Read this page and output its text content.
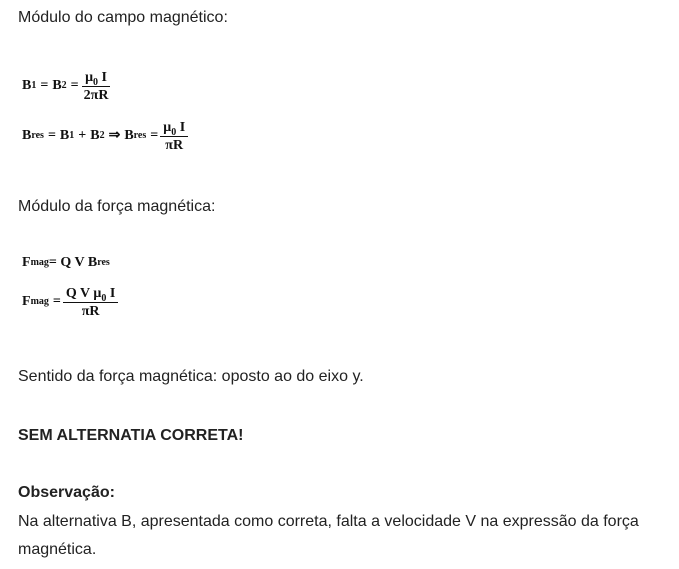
Módulo do campo magnético:
B 1 = B $2 = \frac{\mu_0 I}{2\pi R}$
B res = B 1 + B 2 ⇒ B res = $\frac{\mu_0 I}{\pi R}$
Módulo da força magnética:
F mag = Q V B res
F mag = $\frac{Q V \mu_0 I}{\pi R}$
Sentido da força magnética: oposto ao do eixo y.
SEM ALTERNATIA CORRETA!
Observação:
Na alternativa B, apresentada como correta, falta a velocidade V na expressão da força
magnética.
